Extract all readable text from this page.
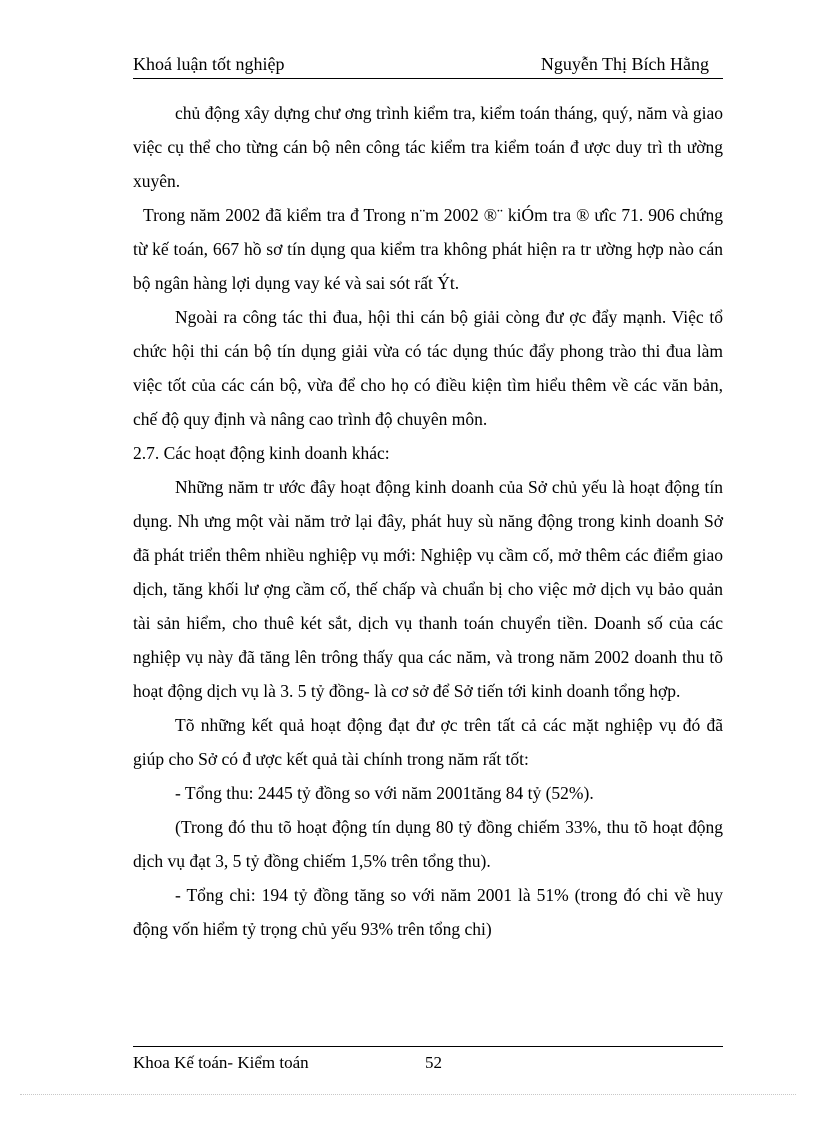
Khoá luận tốt nghiệp	Nguyễn Thị Bích Hằng

chủ động xây dựng chư ơng trình kiểm tra, kiểm toán tháng, quý, năm và giao việc cụ thể cho từng cán bộ nên công tác kiểm tra kiểm toán đ ược duy trì th ường xuyên.

Trong năm 2002 đã kiểm tra đ Trong n¨m 2002 ®¨ kiÓm tra ® ưîc 71. 906 chứng từ kế toán, 667 hồ sơ tín dụng qua kiểm tra không phát hiện ra tr ường hợp nào cán bộ ngân hàng lợi dụng vay ké và sai sót rất Ýt.

Ngoài ra công tác thi đua, hội thi cán bộ giải còng đư ợc đẩy mạnh. Việc tổ chức hội thi cán bộ tín dụng giải vừa có tác dụng thúc đẩy phong trào thi đua làm việc tốt của các cán bộ, vừa để cho họ có điều kiện tìm hiểu thêm về các văn bản, chế độ quy định và nâng cao trình độ chuyên môn.

2.7. Các hoạt động kinh doanh khác:

Những năm tr ước đây hoạt động kinh doanh của Sở chủ yếu là hoạt động tín dụng. Nh ưng một vài năm trở lại đây, phát huy sù năng động trong kinh doanh Sở đã phát triển thêm nhiều nghiệp vụ mới: Nghiệp vụ cầm cố, mở thêm các điểm giao dịch, tăng khối lư ợng cầm cố, thế chấp và chuẩn bị cho việc mở dịch vụ bảo quản tài sản hiểm, cho thuê két sắt, dịch vụ thanh toán chuyển tiền. Doanh số của các nghiệp vụ này đã tăng lên trông thấy qua các năm, và trong năm 2002 doanh thu tõ hoạt động dịch vụ là 3. 5 tỷ đồng- là cơ sở để Sở tiến tới kinh doanh tổng hợp.

Tõ những kết quả hoạt động đạt đư ợc trên tất cả các mặt nghiệp vụ đó đã giúp cho Sở có đ ược kết quả tài chính trong năm rất tốt:

- Tổng thu: 2445 tỷ đồng so với năm 2001tăng 84 tỷ (52%).

(Trong đó thu tõ hoạt động tín dụng 80 tỷ đồng chiếm 33%, thu tõ hoạt động dịch vụ đạt 3, 5 tỷ đồng chiếm 1,5% trên tổng thu).

- Tổng chi: 194 tỷ đồng tăng so với năm 2001 là 51% (trong đó chi về huy động vốn hiểm tỷ trọng chủ yếu 93% trên tổng chi)

Khoa Kế toán- Kiểm toán	52
